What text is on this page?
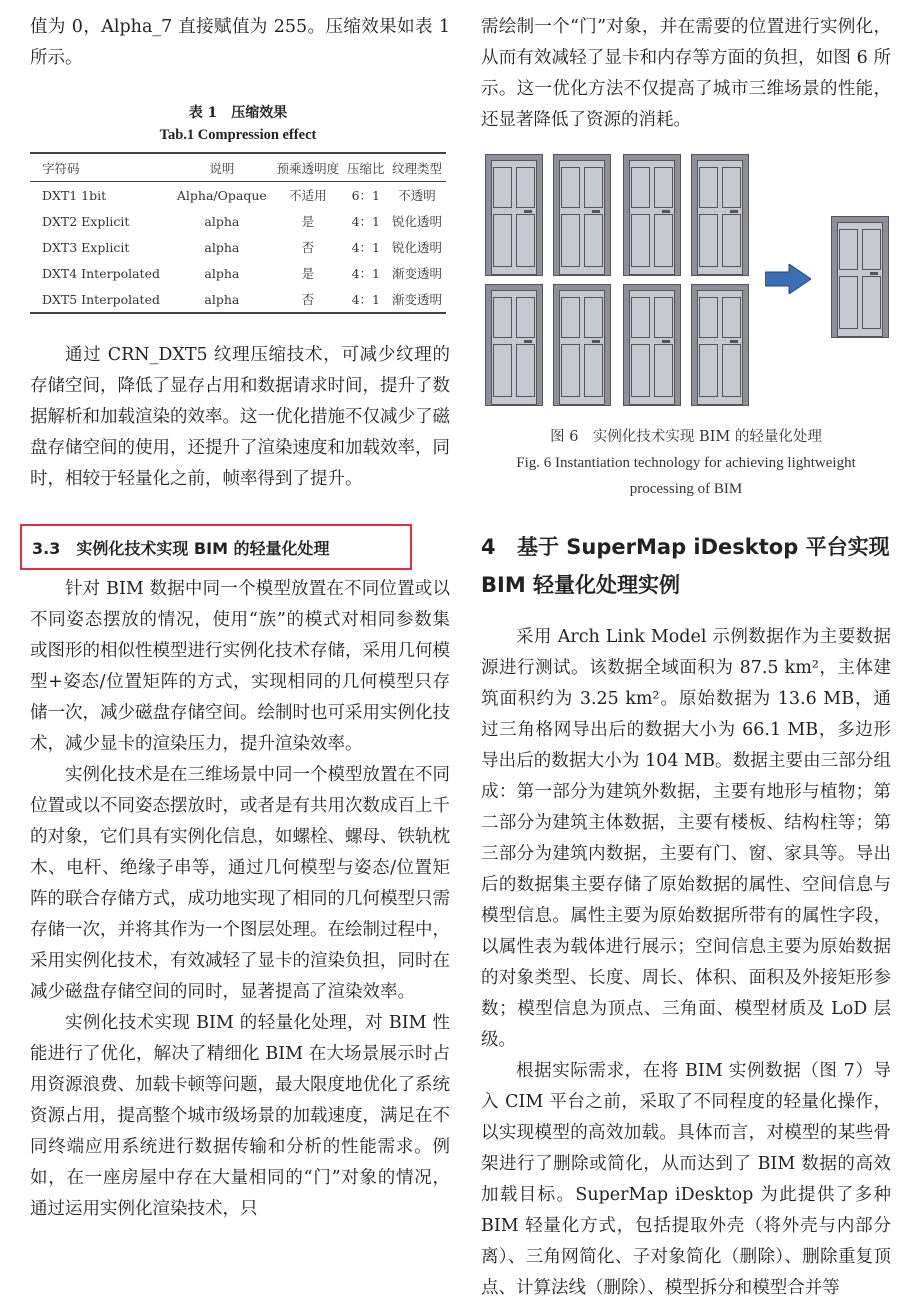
值为 0，Alpha_7 直接赋值为 255。压缩效果如表 1 所示。

表 1　压缩效果
Tab.1 Compression effect
字符码	说明	预乘透明度	压缩比	纹理类型
DXT1 1bit	Alpha/Opaque	不适用	6：1	不透明
DXT2 Explicit	alpha	是	4：1	锐化透明
DXT3 Explicit	alpha	否	4：1	锐化透明
DXT4 Interpolated	alpha	是	4：1	渐变透明
DXT5 Interpolated	alpha	否	4：1	渐变透明

通过 CRN_DXT5 纹理压缩技术，可减少纹理的存储空间，降低了显存占用和数据请求时间，提升了数据解析和加载渲染的效率。这一优化措施不仅减少了磁盘存储空间的使用，还提升了渲染速度和加载效率，同时，相较于轻量化之前，帧率得到了提升。

3.3　实例化技术实现 BIM 的轻量化处理

针对 BIM 数据中同一个模型放置在不同位置或以不同姿态摆放的情况，使用“族”的模式对相同参数集或图形的相似性模型进行实例化技术存储，采用几何模型+姿态/位置矩阵的方式，实现相同的几何模型只存储一次，减少磁盘存储空间。绘制时也可采用实例化技术，减少显卡的渲染压力，提升渲染效率。

实例化技术是在三维场景中同一个模型放置在不同位置或以不同姿态摆放时，或者是有共用次数成百上千的对象，它们具有实例化信息，如螺栓、螺母、铁轨枕木、电杆、绝缘子串等，通过几何模型与姿态/位置矩阵的联合存储方式，成功地实现了相同的几何模型只需存储一次，并将其作为一个图层处理。在绘制过程中，采用实例化技术，有效减轻了显卡的渲染负担，同时在减少磁盘存储空间的同时，显著提高了渲染效率。

实例化技术实现 BIM 的轻量化处理，对 BIM 性能进行了优化，解决了精细化 BIM 在大场景展示时占用资源浪费、加载卡顿等问题，最大限度地优化了系统资源占用，提高整个城市级场景的加载速度，满足在不同终端应用系统进行数据传输和分析的性能需求。例如，在一座房屋中存在大量相同的“门”对象的情况，通过运用实例化渲染技术，只

需绘制一个“门”对象，并在需要的位置进行实例化，从而有效减轻了显卡和内存等方面的负担，如图 6 所示。这一优化方法不仅提高了城市三维场景的性能，还显著降低了资源的消耗。

图 6　实例化技术实现 BIM 的轻量化处理
Fig. 6 Instantiation technology for achieving lightweight
processing of BIM

4 基于 SuperMap iDesktop 平台实现

BIM 轻量化处理实例

采用 Arch Link Model 示例数据作为主要数据源进行测试。该数据全域面积为 87.5 km²，主体建筑面积约为 3.25 km²。原始数据为 13.6 MB，通过三角格网导出后的数据大小为 66.1 MB，多边形导出后的数据大小为 104 MB。数据主要由三部分组成：第一部分为建筑外数据，主要有地形与植物；第二部分为建筑主体数据，主要有楼板、结构柱等；第三部分为建筑内数据，主要有门、窗、家具等。导出后的数据集主要存储了原始数据的属性、空间信息与模型信息。属性主要为原始数据所带有的属性字段，以属性表为载体进行展示；空间信息主要为原始数据的对象类型、长度、周长、体积、面积及外接矩形参数；模型信息为顶点、三角面、模型材质及 LoD 层级。

根据实际需求，在将 BIM 实例数据（图 7）导入 CIM 平台之前，采取了不同程度的轻量化操作，以实现模型的高效加载。具体而言，对模型的某些骨架进行了删除或简化，从而达到了 BIM 数据的高效加载目标。SuperMap iDesktop 为此提供了多种 BIM 轻量化方式，包括提取外壳（将外壳与内部分离）、三角网简化、子对象简化（删除）、删除重复顶点、计算法线（删除）、模型拆分和模型合并等
